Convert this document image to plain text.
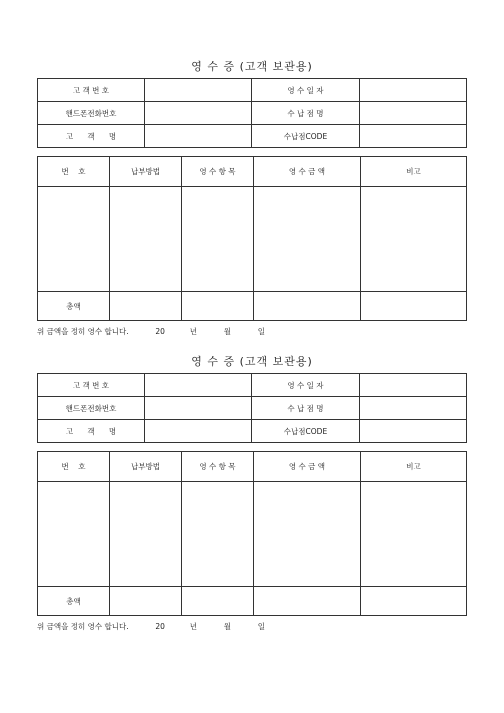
영 수 증 (고객 보관용)
고 객 번 호		영 수 일 자	
핸드폰전화번호		수 납 점 명	
고      객      명		수납점CODE	
번    호	납부방법	영 수 항 목	영 수 금 액	비고

총액				
위 금액을 정히 영수 합니다.	20	년	월	일
영 수 증 (고객 보관용)
고 객 번 호		영 수 일 자	
핸드폰전화번호		수 납 점 명	
고      객      명		수납점CODE	
번    호	납부방법	영 수 항 목	영 수 금 액	비고

총액				
위 금액을 정히 영수 합니다.	20	년	월	일
